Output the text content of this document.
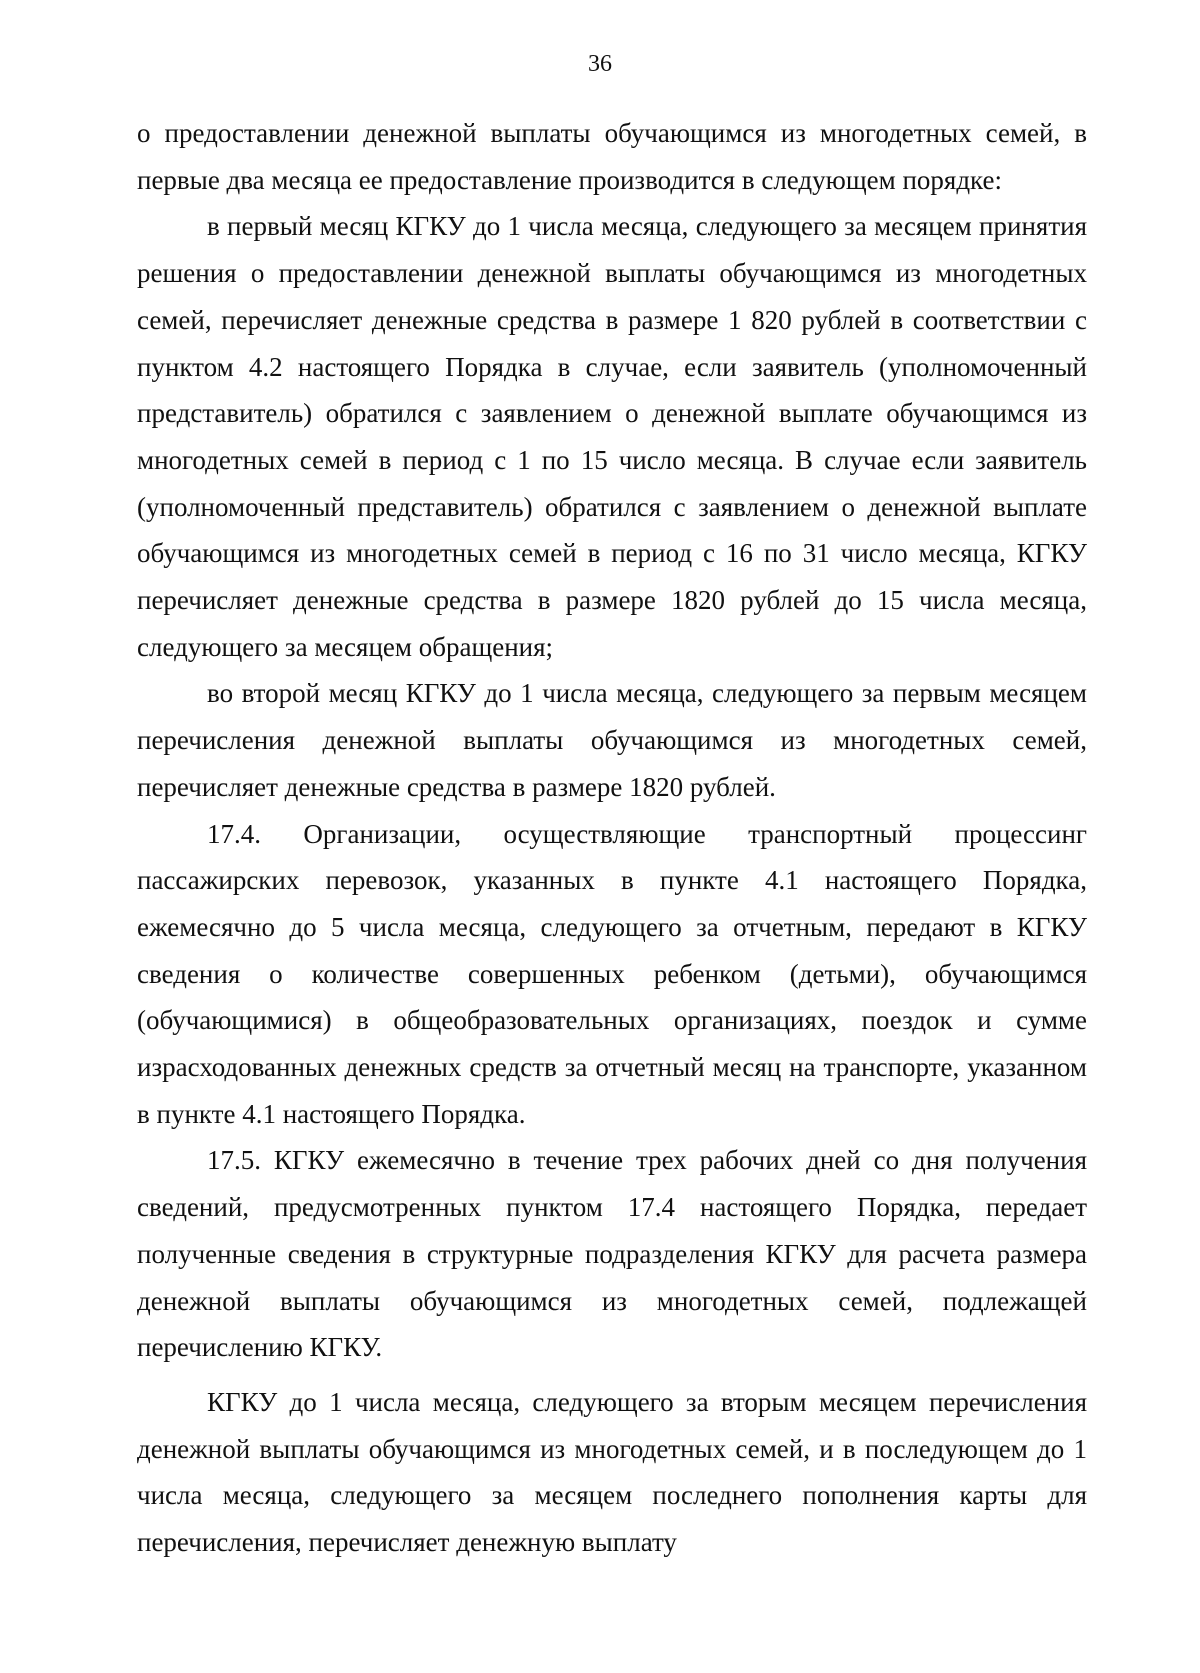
36

о предоставлении денежной выплаты обучающимся из многодетных семей, в первые два месяца ее предоставление производится в следующем порядке:

в первый месяц КГКУ до 1 числа месяца, следующего за месяцем принятия решения о предоставлении денежной выплаты обучающимся из многодетных семей, перечисляет денежные средства в размере 1 820 рублей в соответствии с пунктом 4.2 настоящего Порядка в случае, если заявитель (уполномоченный представитель) обратился с заявлением о денежной выплате обучающимся из многодетных семей в период с 1 по 15 число месяца. В случае если заявитель (уполномоченный представитель) обратился с заявлением о денежной выплате обучающимся из многодетных семей в период с 16 по 31 число месяца, КГКУ перечисляет денежные средства в размере 1820 рублей до 15 числа месяца, следующего за месяцем обращения;

во второй месяц КГКУ до 1 числа месяца, следующего за первым месяцем перечисления денежной выплаты обучающимся из многодетных семей, перечисляет денежные средства в размере 1820 рублей.

17.4. Организации, осуществляющие транспортный процессинг пассажирских перевозок, указанных в пункте 4.1 настоящего Порядка, ежемесячно до 5 числа месяца, следующего за отчетным, передают в КГКУ сведения о количестве совершенных ребенком (детьми), обучающимся (обучающимися) в общеобразовательных организациях, поездок и сумме израсходованных денежных средств за отчетный месяц на транспорте, указанном в пункте 4.1 настоящего Порядка.

17.5. КГКУ ежемесячно в течение трех рабочих дней со дня получения сведений, предусмотренных пунктом 17.4 настоящего Порядка, передает полученные сведения в структурные подразделения КГКУ для расчета размера денежной выплаты обучающимся из многодетных семей, подлежащей перечислению КГКУ.

КГКУ до 1 числа месяца, следующего за вторым месяцем перечисления денежной выплаты обучающимся из многодетных семей, и в последующем до 1 числа месяца, следующего за месяцем последнего пополнения карты для перечисления, перечисляет денежную выплату
